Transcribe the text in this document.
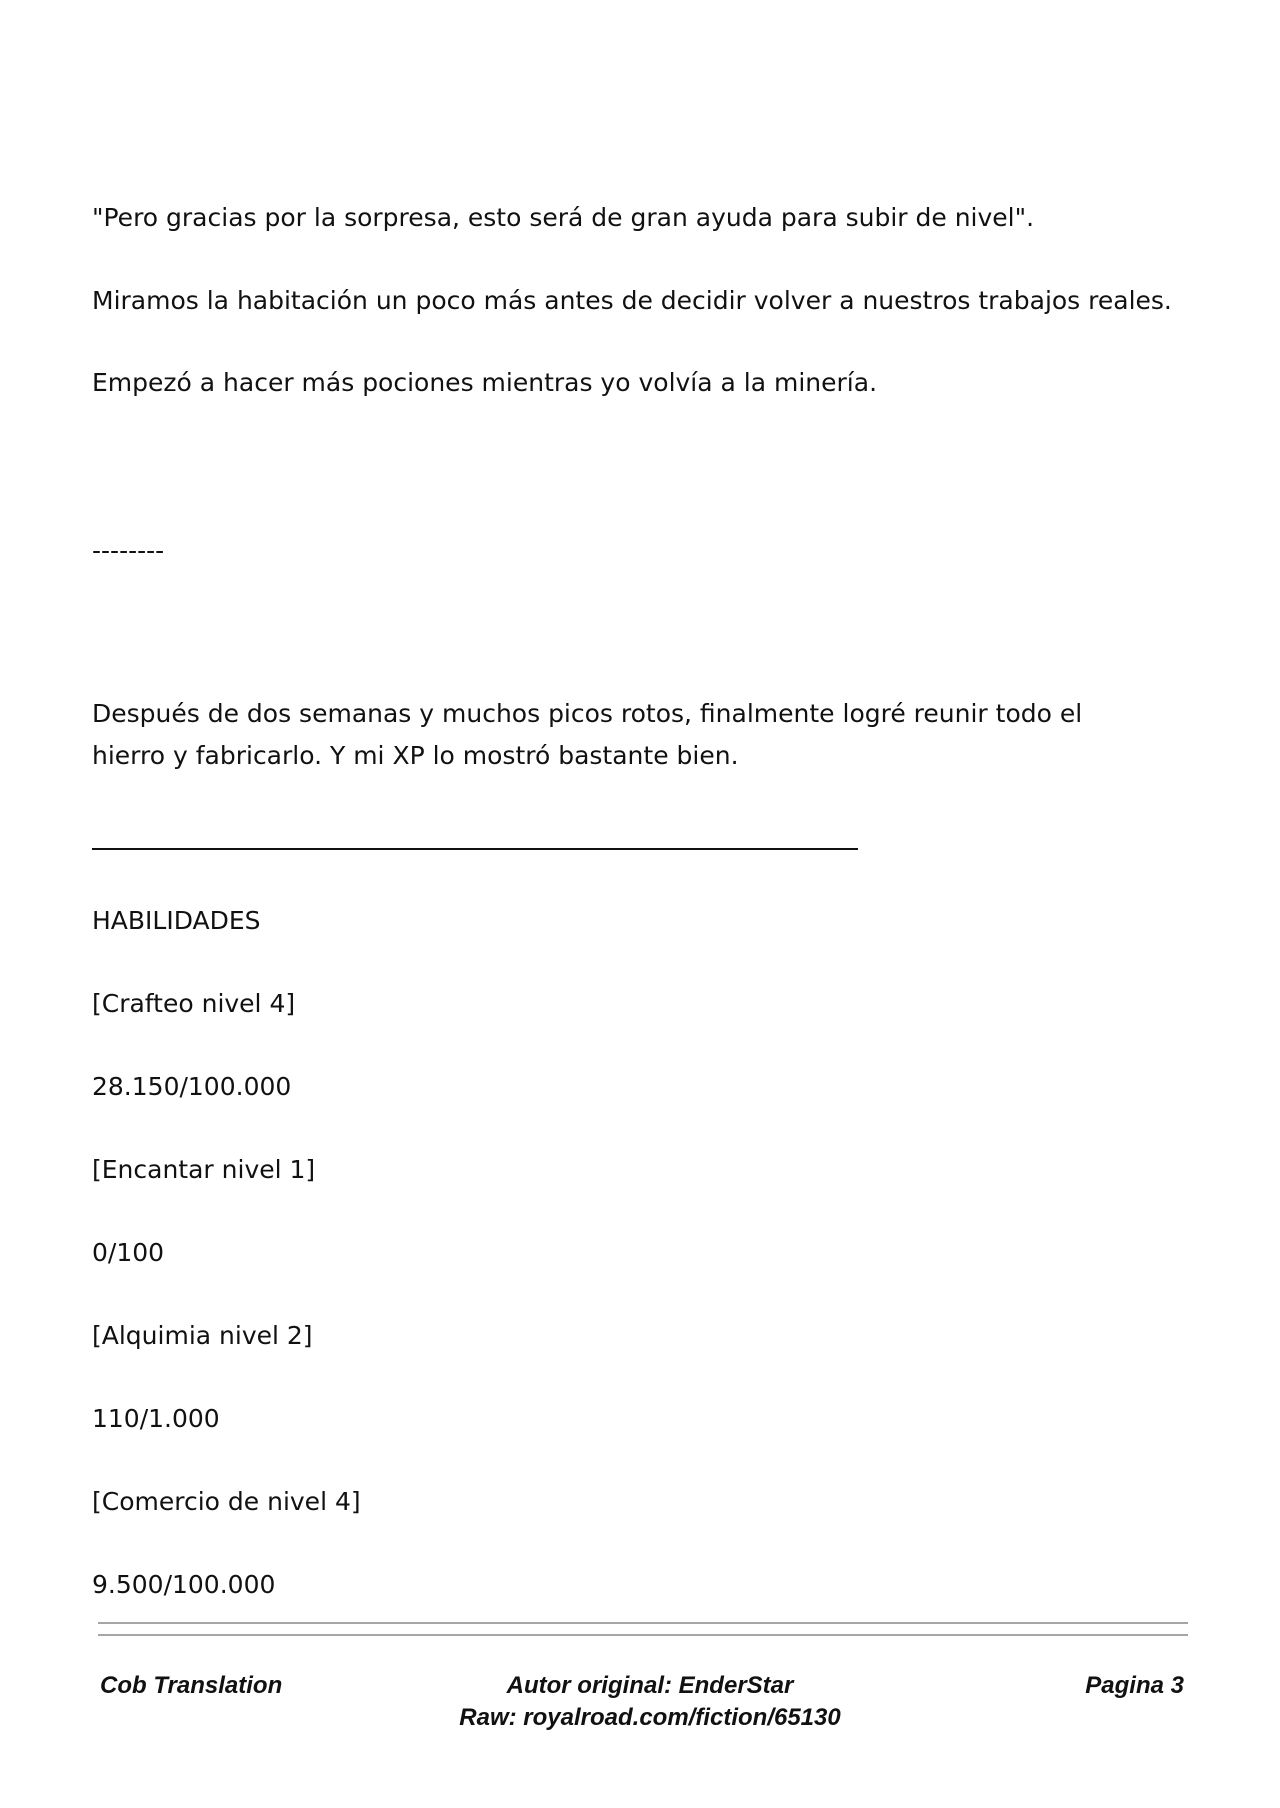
"Pero gracias por la sorpresa, esto será de gran ayuda para subir de nivel".

Miramos la habitación un poco más antes de decidir volver a nuestros trabajos reales.

Empezó a hacer más pociones mientras yo volvía a la minería.

--------

Después de dos semanas y muchos picos rotos, finalmente logré reunir todo el hierro y fabricarlo. Y mi XP lo mostró bastante bien.

HABILIDADES

[Crafteo nivel 4]

28.150/100.000

[Encantar nivel 1]

0/100

[Alquimia nivel 2]

110/1.000

[Comercio de nivel 4]

9.500/100.000

Cob Translation	Autor original: EnderStar
Raw: royalroad.com/fiction/65130
Pagina 3
